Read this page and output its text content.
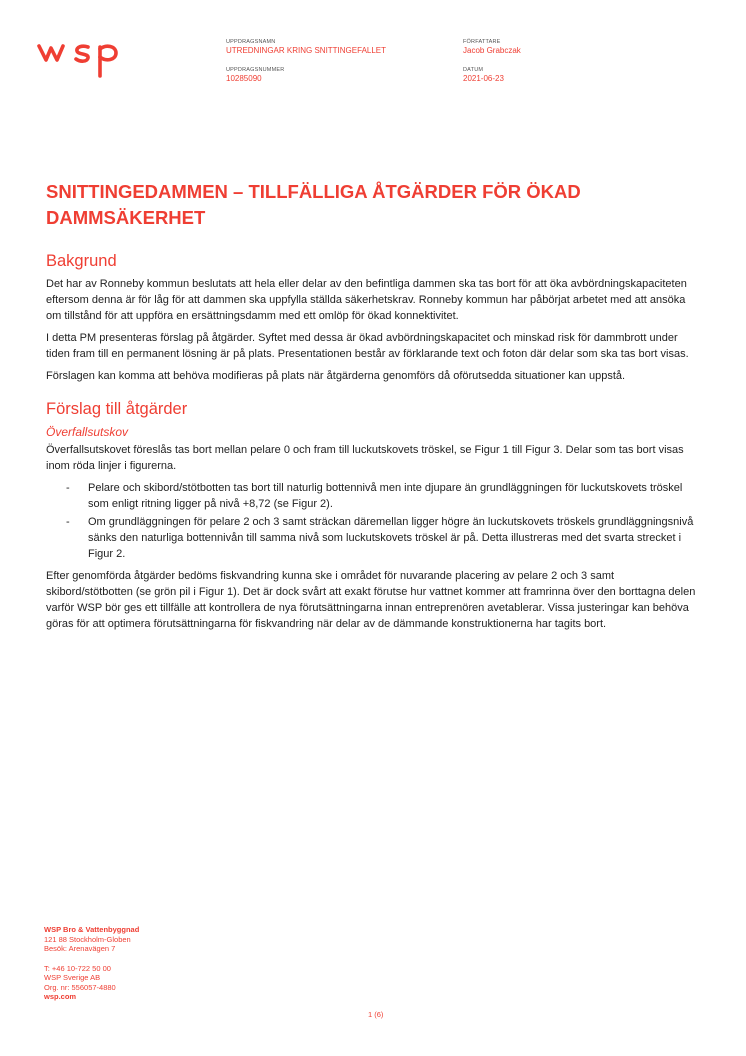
UPPDRAGSNAMN
UTREDNINGAR KRING SNITTINGEFALLET
FÖRFATTARE
Jacob Grabczak
UPPDRAGSNUMMER
10285090
DATUM
2021-06-23
SNITTINGEDAMMEN – TILLFÄLLIGA ÅTGÄRDER FÖR ÖKAD DAMMSÄKERHET
Bakgrund

Det har av Ronneby kommun beslutats att hela eller delar av den befintliga dammen ska tas bort för att öka avbördningskapaciteten eftersom denna är för låg för att dammen ska uppfylla ställda säkerhetskrav. Ronneby kommun har påbörjat arbetet med att ansöka om tillstånd för att uppföra en ersättningsdamm med ett omlöp för ökad konnektivitet.

I detta PM presenteras förslag på åtgärder. Syftet med dessa är ökad avbördningskapacitet och minskad risk för dammbrott under tiden fram till en permanent lösning är på plats. Presentationen består av förklarande text och foton där delar som ska tas bort visas.

Förslagen kan komma att behöva modifieras på plats när åtgärderna genomförs då oförutsedda situationer kan uppstå.

Förslag till åtgärder
Överfallsutskov

Överfallsutskovet föreslås tas bort mellan pelare 0 och fram till luckutskovets tröskel, se Figur 1 till Figur 3. Delar som tas bort visas inom röda linjer i figurerna.

- Pelare och skibord/stötbotten tas bort till naturlig bottennivå men inte djupare än grundläggningen för luckutskovets tröskel som enligt ritning ligger på nivå +8,72 (se Figur 2).
- Om grundläggningen för pelare 2 och 3 samt sträckan däremellan ligger högre än luckutskovets tröskels grundläggningsnivå sänks den naturliga bottennivån till samma nivå som luckutskovets tröskel är på. Detta illustreras med det svarta strecket i Figur 2.

Efter genomförda åtgärder bedöms fiskvandring kunna ske i området för nuvarande placering av pelare 2 och 3 samt skibord/stötbotten (se grön pil i Figur 1). Det är dock svårt att exakt förutse hur vattnet kommer att framrinna över den borttagna delen varför WSP bör ges ett tillfälle att kontrollera de nya förutsättningarna innan entreprenören avetablerar. Vissa justeringar kan behöva göras för att optimera förutsättningarna för fiskvandring när delar av de dämmande konstruktionerna har tagits bort.

WSP Bro & Vattenbyggnad
121 88 Stockholm-Globen
Besök: Arenavägen 7
T: +46 10-722 50 00
WSP Sverige AB
Org. nr: 556057-4880
wsp.com
1 (6)
